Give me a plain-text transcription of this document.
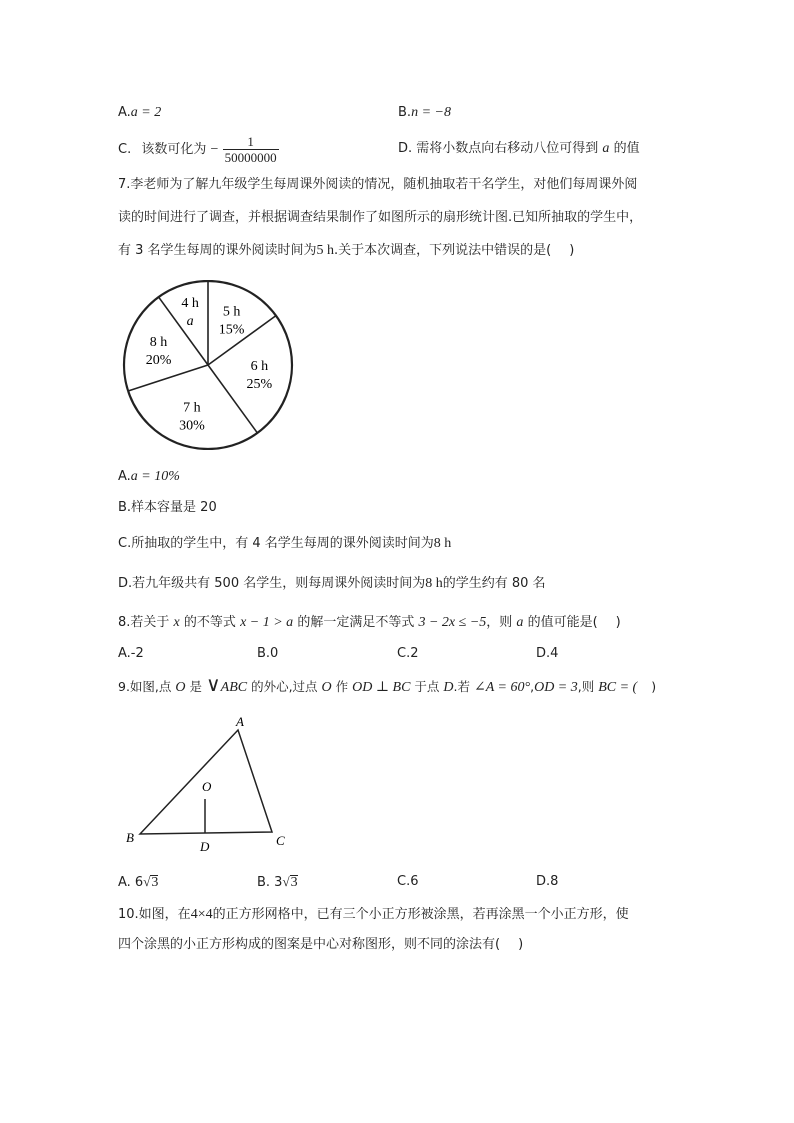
A.a = 2	B.n = −8
C. 该数可化为 − $\frac{1}{50000000}$	D. 需将小数点向右移动八位可得到 a 的值
7.李老师为了解九年级学生每周课外阅读的情况，随机抽取若干名学生，对他们每周课外阅
读的时间进行了调查，并根据调查结果制作了如图所示的扇形统计图.已知所抽取的学生中，
有 3 名学生每周的课外阅读时间为5 h.关于本次调查，下列说法中错误的是( )
4 h
a
5 h
15%
6 h
25%
7 h
30%
8 h
20%
A.a = 10%
B.样本容量是 20
C.所抽取的学生中，有 4 名学生每周的课外阅读时间为8 h
D.若九年级共有 500 名学生，则每周课外阅读时间为8 h的学生约有 80 名
8.若关于 x 的不等式 x − 1 > a 的解一定满足不等式 3 − 2x ≤ −5，则 a 的值可能是( )
A.-2	B.0	C.2	D.4
9.如图,点 O 是 ∨ABC 的外心,过点 O 作 OD ⊥ BC 于点 D.若 ∠A = 60°,OD = 3,则 BC = ( )
A
B	C
O
D
A. 6√3	B. 3√3	C.6	D.8
10.如图，在4×4的正方形网格中，已有三个小正方形被涂黑，若再涂黑一个小正方形，使
四个涂黑的小正方形构成的图案是中心对称图形，则不同的涂法有( )
